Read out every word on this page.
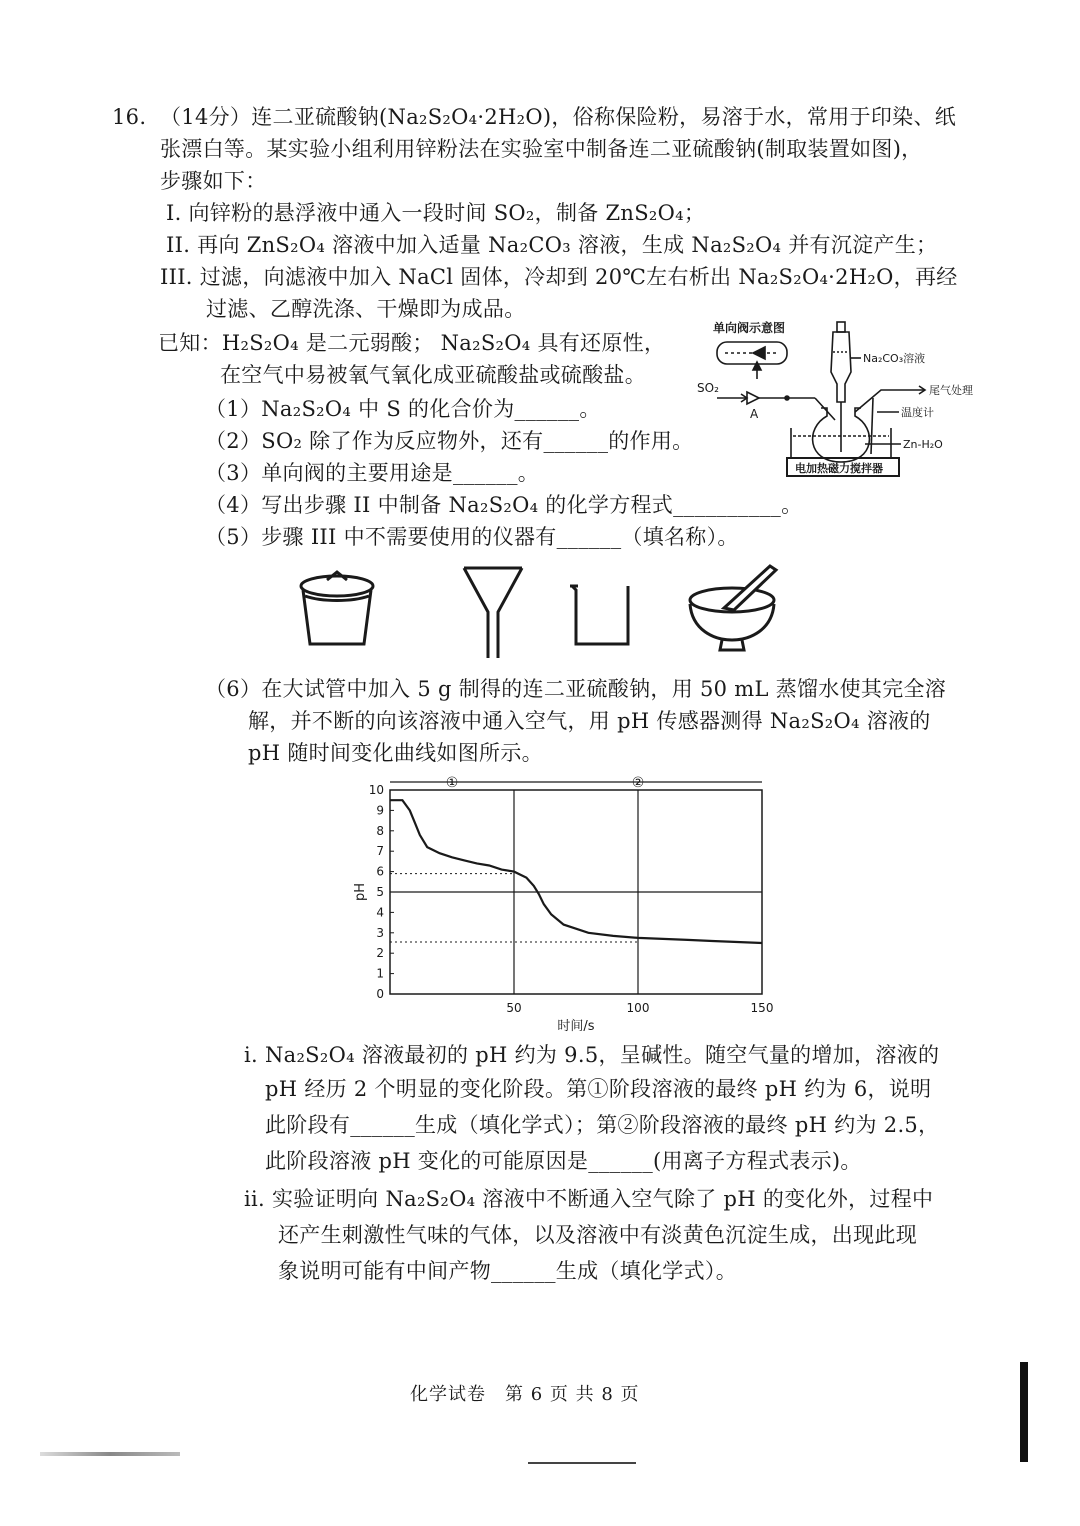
16. （14分）连二亚硫酸钠(Na₂S₂O₄·2H₂O)，俗称保险粉，易溶于水，常用于印染、纸
张漂白等。某实验小组利用锌粉法在实验室中制备连二亚硫酸钠(制取装置如图)，
步骤如下：
I. 向锌粉的悬浮液中通入一段时间 SO₂，制备 ZnS₂O₄；
II. 再向 ZnS₂O₄ 溶液中加入适量 Na₂CO₃ 溶液，生成 Na₂S₂O₄ 并有沉淀产生；
III. 过滤，向滤液中加入 NaCl 固体，冷却到 20℃左右析出 Na₂S₂O₄·2H₂O，再经
过滤、乙醇洗涤、干燥即为成品。
已知：H₂S₂O₄ 是二元弱酸； Na₂S₂O₄ 具有还原性，
在空气中易被氧气氧化成亚硫酸盐或硫酸盐。
（1）Na₂S₂O₄ 中 S 的化合价为______。
（2）SO₂ 除了作为反应物外，还有______的作用。
（3）单向阀的主要用途是______。
（4）写出步骤 II 中制备 Na₂S₂O₄ 的化学方程式__________。
（5）步骤 III 中不需要使用的仪器有______（填名称）。
单向阀示意图
SO₂
A
Na₂CO₃溶液
尾气处理
温度计
Zn-H₂O
电加热磁力搅拌器
（6）在大试管中加入 5 g 制得的连二亚硫酸钠，用 50 mL 蒸馏水使其完全溶
解，并不断的向该溶液中通入空气，用 pH 传感器测得 Na₂S₂O₄ 溶液的
pH 随时间变化曲线如图所示。
①	②
0
1
2
3
4
5
6
7
8
9
10
50	100	150
pH
时间/s
i. Na₂S₂O₄ 溶液最初的 pH 约为 9.5，呈碱性。随空气量的增加，溶液的
pH 经历 2 个明显的变化阶段。第①阶段溶液的最终 pH 约为 6，说明
此阶段有______生成（填化学式）；第②阶段溶液的最终 pH 约为 2.5，
此阶段溶液 pH 变化的可能原因是______(用离子方程式表示)。
ii. 实验证明向 Na₂S₂O₄ 溶液中不断通入空气除了 pH 的变化外，过程中
还产生刺激性气味的气体，以及溶液中有淡黄色沉淀生成，出现此现
象说明可能有中间产物______生成（填化学式）。
化学试卷　第 6 页 共 8 页
